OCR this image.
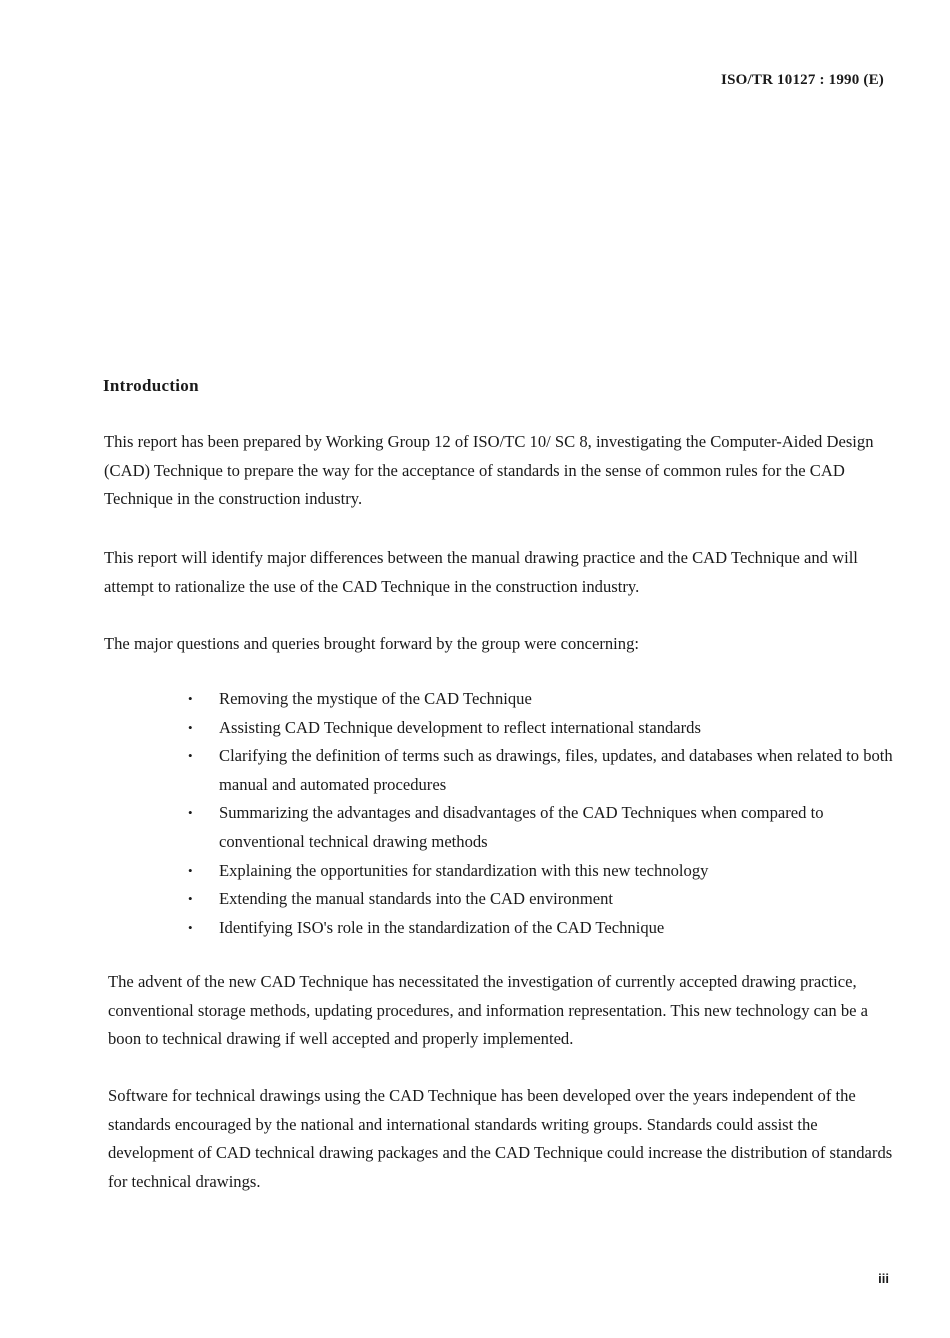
ISO/TR 10127 : 1990 (E)
Introduction

This report has been prepared by Working Group 12 of ISO/TC 10/ SC 8, investigating the Computer-Aided Design (CAD) Technique to prepare the way for the acceptance of standards in the sense of common rules for the CAD Technique in the construction industry.

This report will identify major differences between the manual drawing practice and the CAD Technique and will attempt to rationalize the use of the CAD Technique in the construction industry.

The major questions and queries brought forward by the group were concerning:

• Removing the mystique of the CAD Technique
• Assisting CAD Technique development to reflect international standards
• Clarifying the definition of terms such as drawings, files, updates, and databases when related to both manual and automated procedures
• Summarizing the advantages and disadvantages of the CAD Techniques when compared to conventional technical drawing methods
• Explaining the opportunities for standardization with this new technology
• Extending the manual standards into the CAD environment
• Identifying ISO's role in the standardization of the CAD Technique

The advent of the new CAD Technique has necessitated the investigation of currently accepted drawing practice, conventional storage methods, updating procedures, and information representation. This new technology can be a boon to technical drawing if well accepted and properly implemented.

Software for technical drawings using the CAD Technique has been developed over the years independent of the standards encouraged by the national and international standards writing groups. Standards could assist the development of CAD technical drawing packages and the CAD Technique could increase the distribution of standards for technical drawings.

iii
